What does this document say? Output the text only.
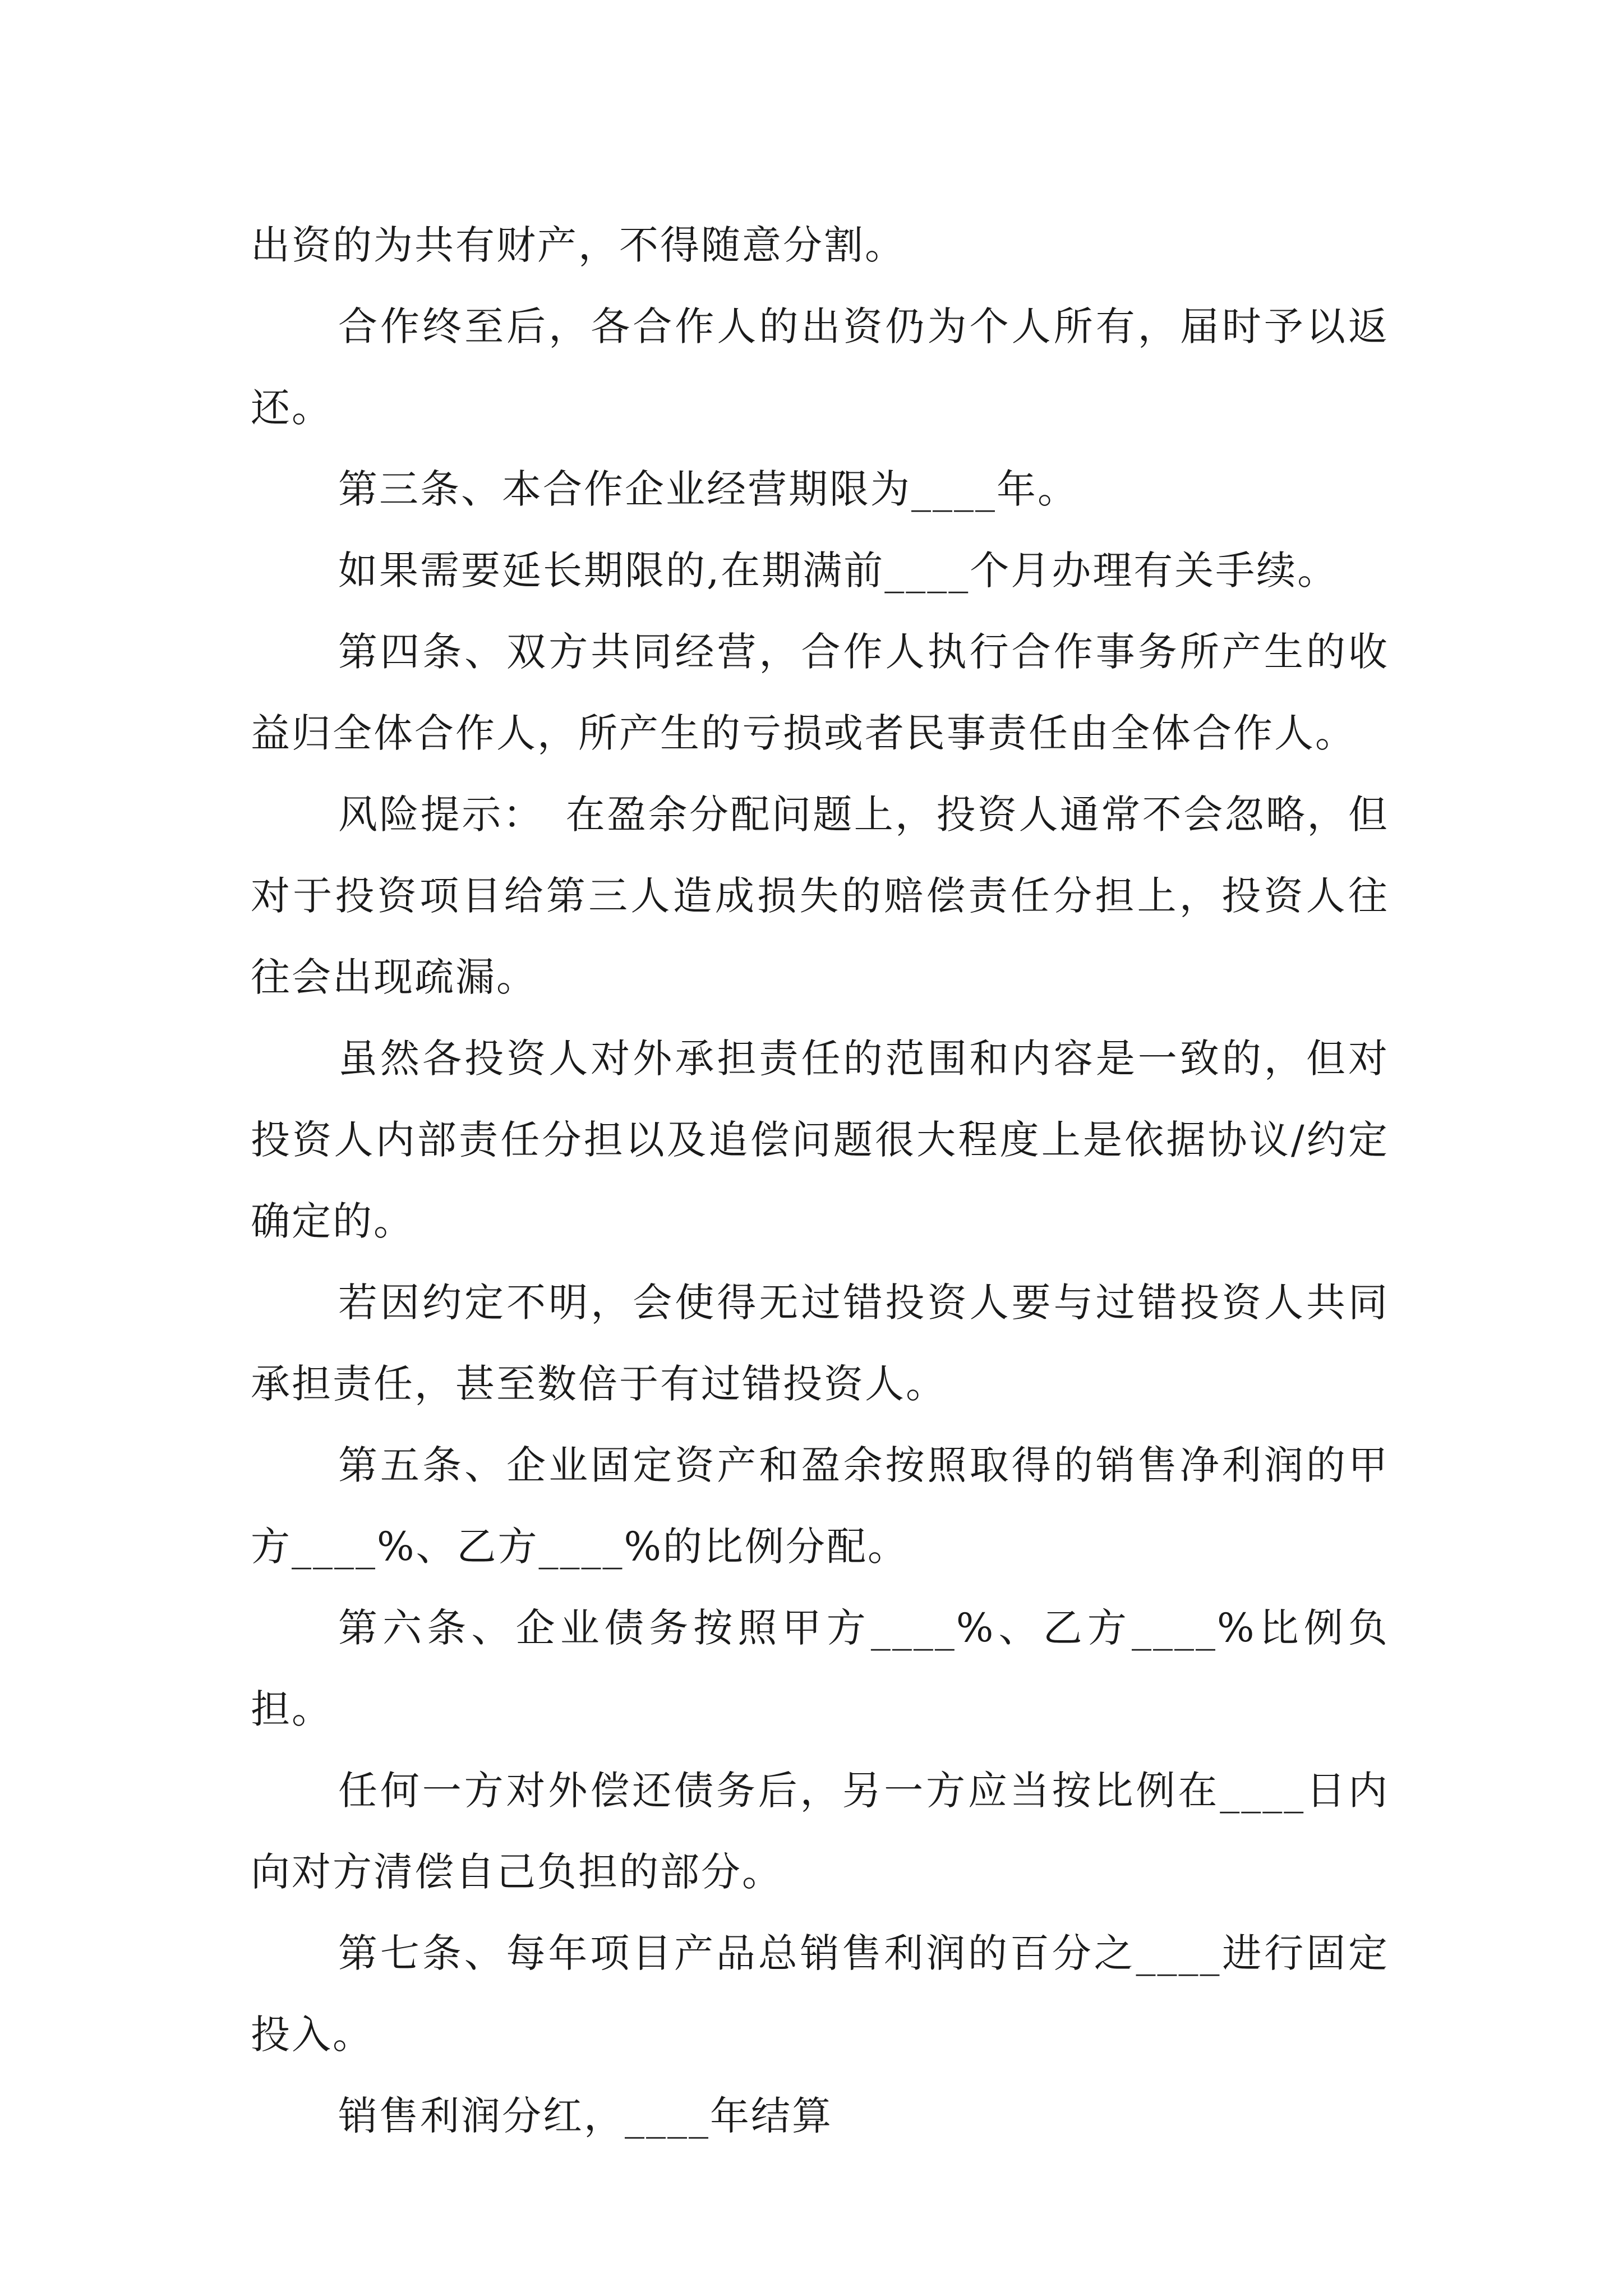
出资的为共有财产，不得随意分割。

合作终至后，各合作人的出资仍为个人所有，届时予以返还。

第三条、本合作企业经营期限为____年。

如果需要延长期限的,在期满前____个月办理有关手续。

第四条、双方共同经营，合作人执行合作事务所产生的收益归全体合作人，所产生的亏损或者民事责任由全体合作人。

风险提示：　在盈余分配问题上，投资人通常不会忽略，但对于投资项目给第三人造成损失的赔偿责任分担上，投资人往往会出现疏漏。

虽然各投资人对外承担责任的范围和内容是一致的，但对投资人内部责任分担以及追偿问题很大程度上是依据协议/约定确定的。

若因约定不明，会使得无过错投资人要与过错投资人共同承担责任，甚至数倍于有过错投资人。

第五条、企业固定资产和盈余按照取得的销售净利润的甲方____%、乙方____%的比例分配。

第六条、企业债务按照甲方____%、乙方____%比例负担。

任何一方对外偿还债务后，另一方应当按比例在____日内向对方清偿自己负担的部分。

第七条、每年项目产品总销售利润的百分之____进行固定投入。

销售利润分红，____年结算
